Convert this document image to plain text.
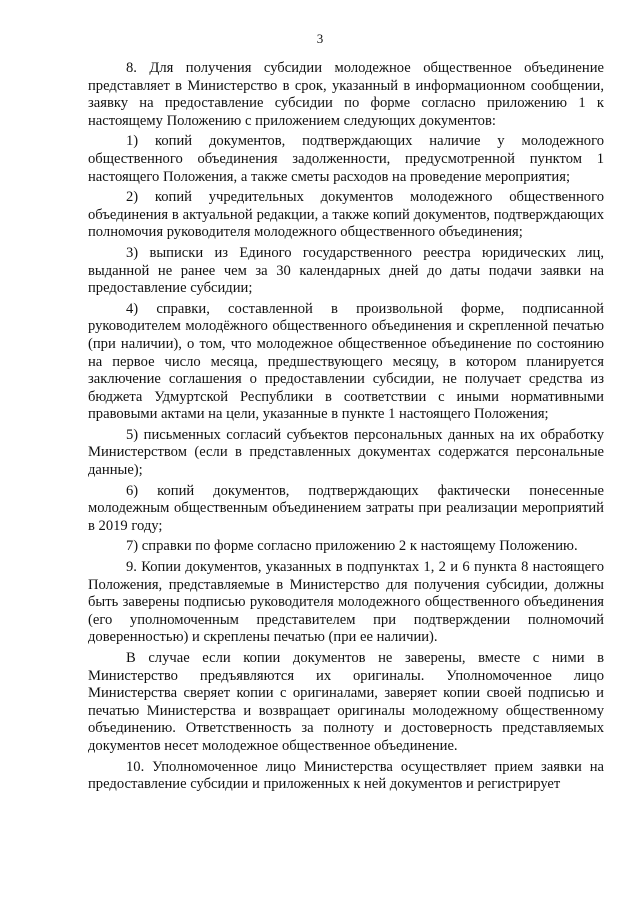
3

8. Для получения субсидии молодежное общественное объединение представляет в Министерство в срок, указанный в информационном сообщении, заявку на предоставление субсидии по форме согласно приложению 1 к настоящему Положению с приложением следующих документов:

1) копий документов, подтверждающих наличие у молодежного общественного объединения задолженности, предусмотренной пунктом 1 настоящего Положения, а также сметы расходов на проведение мероприятия;

2) копий учредительных документов молодежного общественного объединения в актуальной редакции, а также копий документов, подтверждающих полномочия руководителя молодежного общественного объединения;

3) выписки из Единого государственного реестра юридических лиц, выданной не ранее чем за 30 календарных дней до даты подачи заявки на предоставление субсидии;

4) справки, составленной в произвольной форме, подписанной руководителем молодёжного общественного объединения и скрепленной печатью (при наличии), о том, что молодежное общественное объединение по состоянию на первое число месяца, предшествующего месяцу, в котором планируется заключение соглашения о предоставлении субсидии, не получает средства из бюджета Удмуртской Республики в соответствии с иными нормативными правовыми актами на цели, указанные в пункте 1 настоящего Положения;

5) письменных согласий субъектов персональных данных на их обработку Министерством (если в представленных документах содержатся персональные данные);

6) копий документов, подтверждающих фактически понесенные молодежным общественным объединением затраты при реализации мероприятий в 2019 году;

7) справки по форме согласно приложению 2 к настоящему Положению.

9. Копии документов, указанных в подпунктах 1, 2 и 6 пункта 8 настоящего Положения, представляемые в Министерство для получения субсидии, должны быть заверены подписью руководителя молодежного общественного объединения (его уполномоченным представителем при подтверждении полномочий доверенностью) и скреплены печатью (при ее наличии).

В случае если копии документов не заверены, вместе с ними в Министерство предъявляются их оригиналы. Уполномоченное лицо Министерства сверяет копии с оригиналами, заверяет копии своей подписью и печатью Министерства и возвращает оригиналы молодежному общественному объединению. Ответственность за полноту и достоверность представляемых документов несет молодежное общественное объединение.

10. Уполномоченное лицо Министерства осуществляет прием заявки на предоставление субсидии и приложенных к ней документов и регистрирует
